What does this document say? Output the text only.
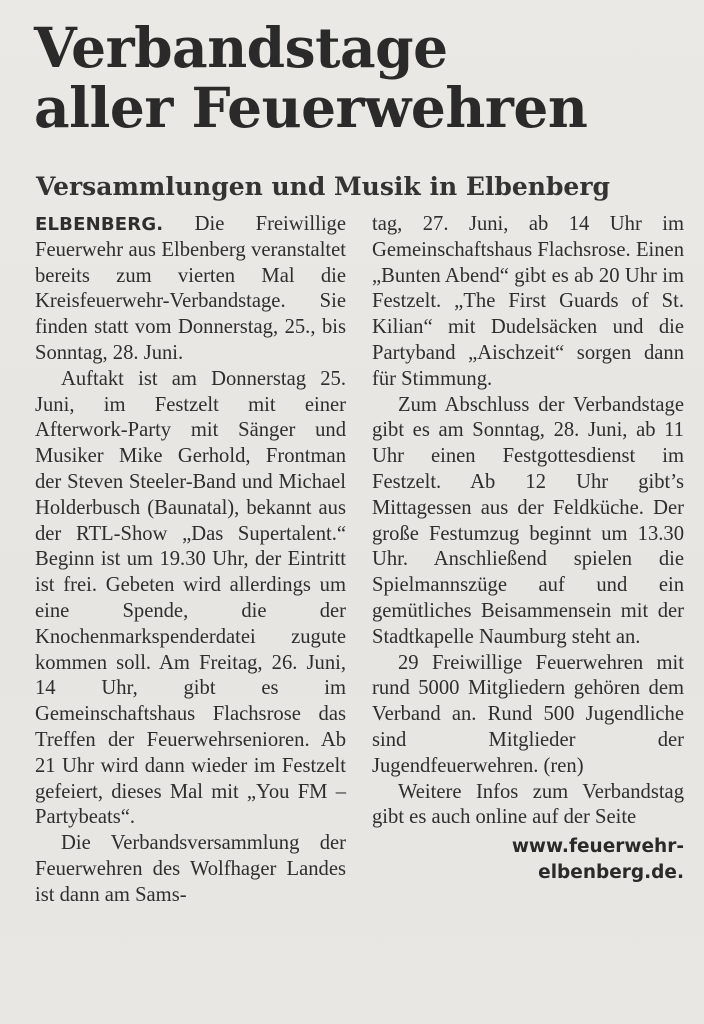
Verbandstage
aller Feuerwehren
Versammlungen und Musik in Elbenberg

ELBENBERG. Die Freiwillige Feuerwehr aus Elbenberg veranstaltet bereits zum vierten Mal die Kreisfeuerwehr-Verbandstage. Sie finden statt vom Donnerstag, 25., bis Sonntag, 28. Juni.

Auftakt ist am Donnerstag 25. Juni, im Festzelt mit einer Afterwork-Party mit Sänger und Musiker Mike Gerhold, Frontman der Steven Steeler-Band und Michael Holderbusch (Baunatal), bekannt aus der RTL-Show „Das Supertalent.“ Beginn ist um 19.30 Uhr, der Eintritt ist frei. Gebeten wird allerdings um eine Spende, die der Knochenmarkspenderdatei zugute kommen soll. Am Freitag, 26. Juni, 14 Uhr, gibt es im Gemeinschaftshaus Flachsrose das Treffen der Feuerwehrsenioren. Ab 21 Uhr wird dann wieder im Festzelt gefeiert, dieses Mal mit „You FM – Partybeats“.

Die Verbandsversammlung der Feuerwehren des Wolfhager Landes ist dann am Sams-

tag, 27. Juni, ab 14 Uhr im Gemeinschaftshaus Flachsrose. Einen „Bunten Abend“ gibt es ab 20 Uhr im Festzelt. „The First Guards of St. Kilian“ mit Dudelsäcken und die Partyband „Aischzeit“ sorgen dann für Stimmung.

Zum Abschluss der Verbandstage gibt es am Sonntag, 28. Juni, ab 11 Uhr einen Festgottesdienst im Festzelt. Ab 12 Uhr gibt’s Mittagessen aus der Feldküche. Der große Festumzug beginnt um 13.30 Uhr. Anschließend spielen die Spielmannszüge auf und ein gemütliches Beisammensein mit der Stadtkapelle Naumburg steht an.

29 Freiwillige Feuerwehren mit rund 5000 Mitgliedern gehören dem Verband an. Rund 500 Jugendliche sind Mitglieder der Jugendfeuerwehren. (ren)

Weitere Infos zum Verbandstag gibt es auch online auf der Seite

www.feuerwehr-
elbenberg.de.
